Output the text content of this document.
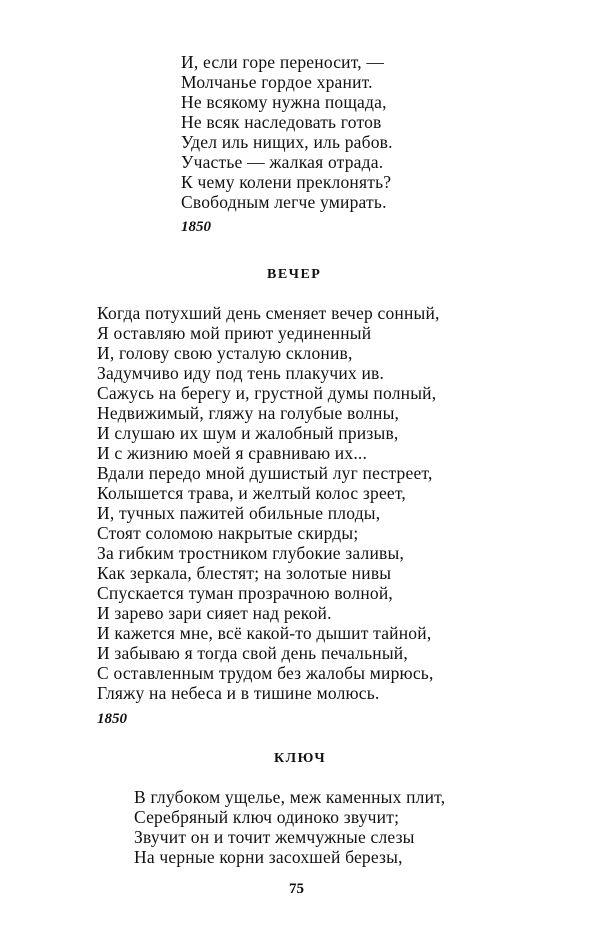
И, если горе переносит, —
Молчанье гордое хранит.
Не всякому нужна пощада,
Не всяк наследовать готов
Удел иль нищих, иль рабов.
Участье — жалкая отрада.
К чему колени преклонять?
Свободным легче умирать.
1850
ВЕЧЕР
Когда потухший день сменяет вечер сонный,
Я оставляю мой приют уединенный
И, голову свою усталую склонив,
Задумчиво иду под тень плакучих ив.
Сажусь на берегу и, грустной думы полный,
Недвижимый, гляжу на голубые волны,
И слушаю их шум и жалобный призыв,
И с жизнию моей я сравниваю их...
Вдали передо мной душистый луг пестреет,
Колышется трава, и желтый колос зреет,
И, тучных пажитей обильные плоды,
Стоят соломою накрытые скирды;
За гибким тростником глубокие заливы,
Как зеркала, блестят; на золотые нивы
Спускается туман прозрачною волной,
И зарево зари сияет над рекой.
И кажется мне, всё какой-то дышит тайной,
И забываю я тогда свой день печальный,
С оставленным трудом без жалобы мирюсь,
Гляжу на небеса и в тишине молюсь.
1850
КЛЮЧ
В глубоком ущелье, меж каменных плит,
Серебряный ключ одиноко звучит;
Звучит он и точит жемчужные слезы
На черные корни засохшей березы,
75
